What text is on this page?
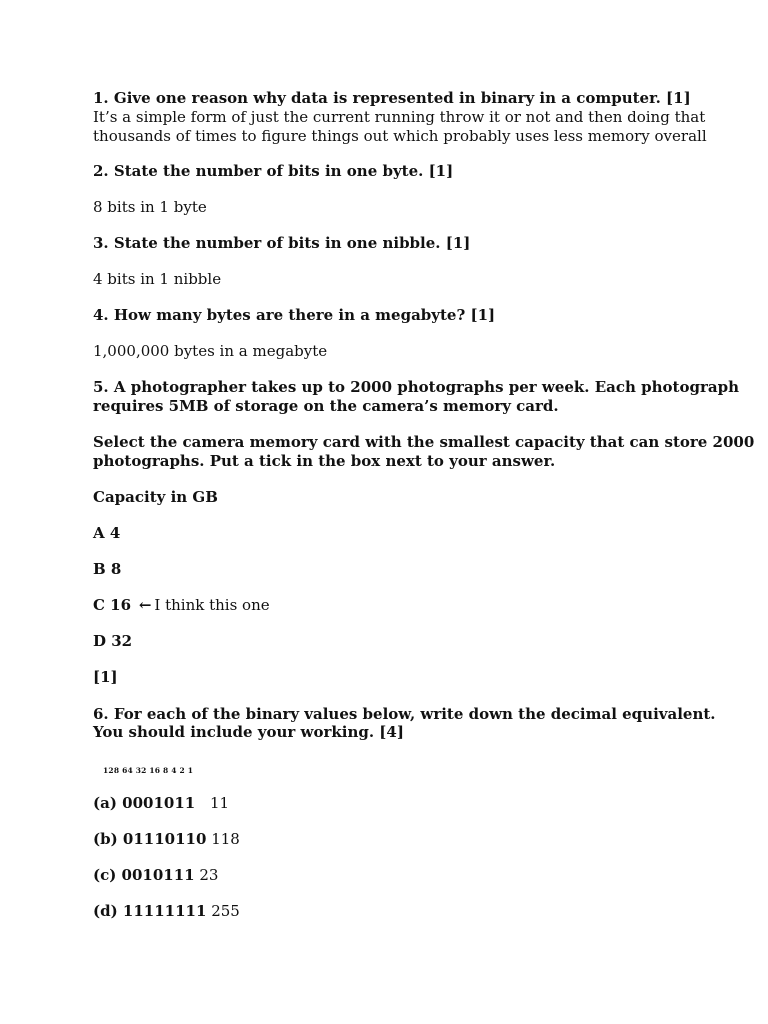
1. Give one reason why data is represented in binary in a computer. [1]
It’s a simple form of just the current running throw it or not and then doing that
thousands of times to figure things out which probably uses less memory overall
2. State the number of bits in one byte. [1]
8 bits in 1 byte
3. State the number of bits in one nibble. [1]
4 bits in 1 nibble
4. How many bytes are there in a megabyte? [1]
1,000,000 bytes in a megabyte
5. A photographer takes up to 2000 photographs per week. Each photograph
requires 5MB of storage on the camera’s memory card.
Select the camera memory card with the smallest capacity that can store 2000
photographs. Put a tick in the box next to your answer.
Capacity in GB
A 4
B 8
C 16 ← I think this one
D 32
[1]
6. For each of the binary values below, write down the decimal equivalent.
You should include your working. [4]
128 64 32 16 8 4 2 1
(a) 0001011 11
(b) 01110110 118
(c) 0010111 23
(d) 11111111 255
